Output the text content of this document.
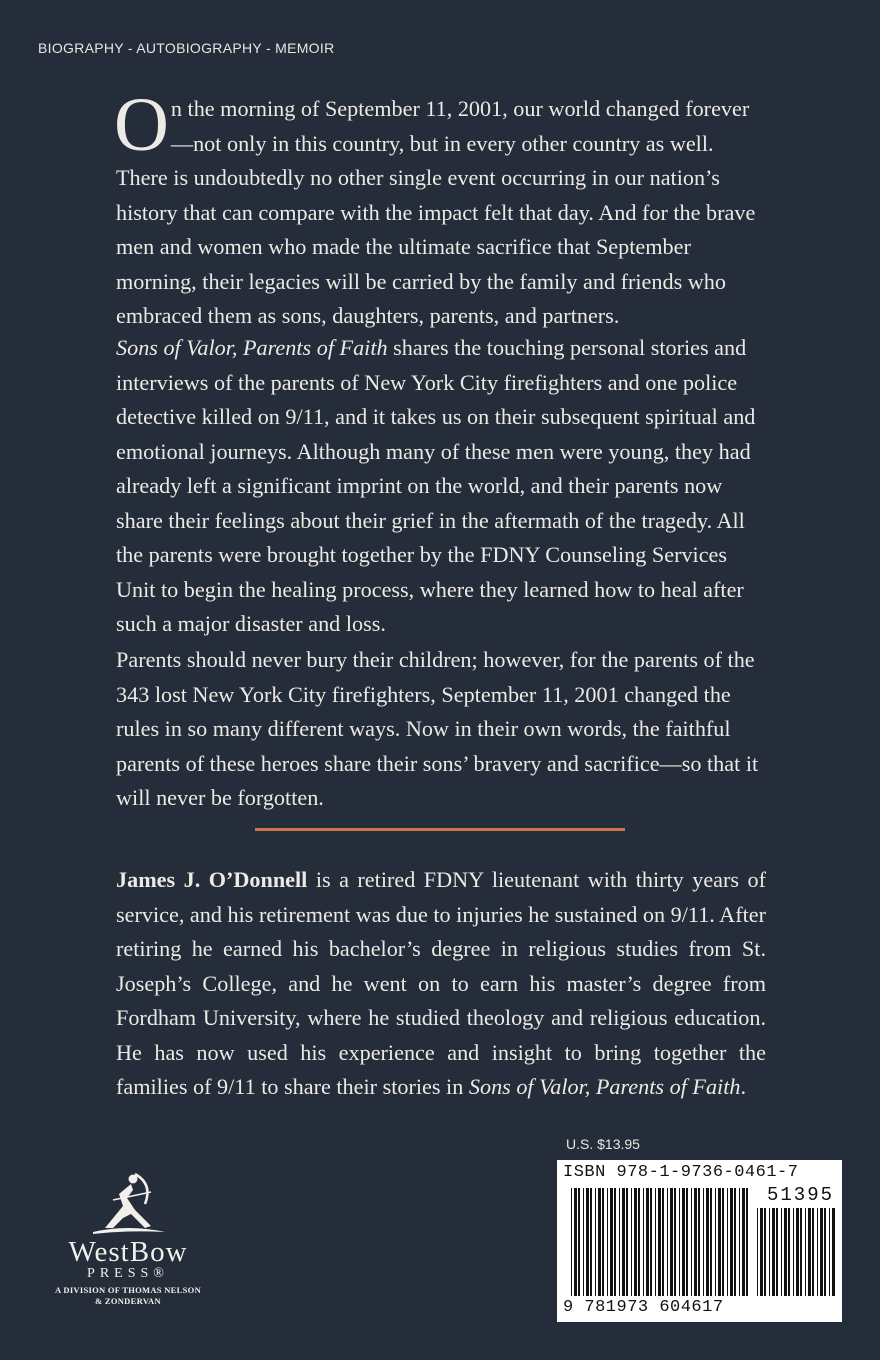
BIOGRAPHY - AUTOBIOGRAPHY - MEMOIR

On the morning of September 11, 2001, our world changed forever—not only in this country, but in every other country as well. There is undoubtedly no other single event occurring in our nation’s history that can compare with the impact felt that day. And for the brave men and women who made the ultimate sacrifice that September morning, their legacies will be carried by the family and friends who embraced them as sons, daughters, parents, and partners.

Sons of Valor, Parents of Faith shares the touching personal stories and interviews of the parents of New York City firefighters and one police detective killed on 9/11, and it takes us on their subsequent spiritual and emotional journeys. Although many of these men were young, they had already left a significant imprint on the world, and their parents now share their feelings about their grief in the aftermath of the tragedy. All the parents were brought together by the FDNY Counseling Services Unit to begin the healing process, where they learned how to heal after such a major disaster and loss.

Parents should never bury their children; however, for the parents of the 343 lost New York City firefighters, September 11, 2001 changed the rules in so many different ways. Now in their own words, the faithful parents of these heroes share their sons’ bravery and sacrifice—so that it will never be forgotten.

James J. O’Donnell is a retired FDNY lieutenant with thirty years of service, and his retirement was due to injuries he sustained on 9/11. After retiring he earned his bachelor’s degree in religious studies from St. Joseph’s College, and he went on to earn his master’s degree from Fordham University, where he studied theology and religious education. He has now used his experience and insight to bring together the families of 9/11 to share their stories in Sons of Valor, Parents of Faith.

WestBow
PRESS®
A DIVISION OF THOMAS NELSON
& ZONDERVAN
U.S. $13.95
ISBN 978-1-9736-0461-7
51395
9 781973 604617
